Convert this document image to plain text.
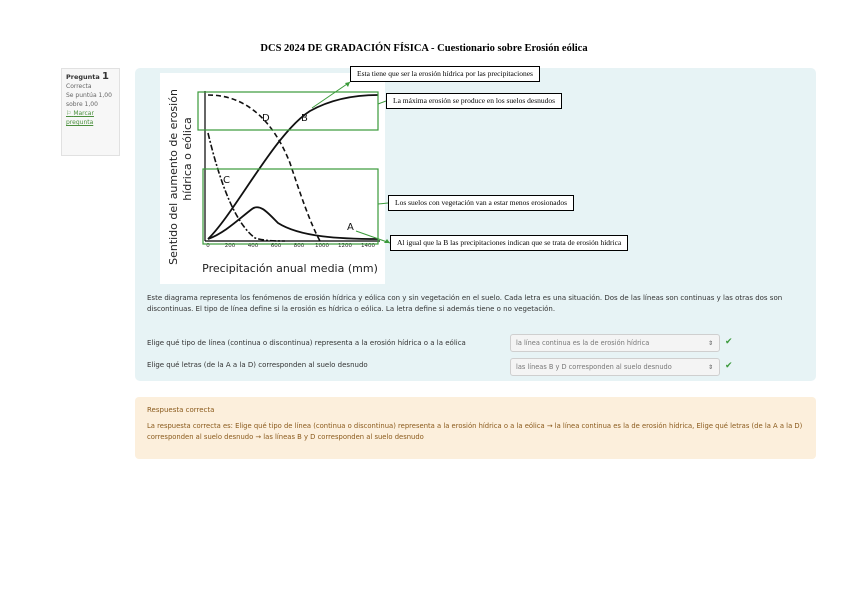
DCS 2024 DE GRADACIÓN FÍSICA - Cuestionario sobre Erosión eólica
Pregunta 1
Correcta
Se puntúa 1,00 sobre 1,00
⚐ Marcar pregunta	Sentido del aumento de erosión hídrica o eólica
0	200 400 600 800 1000 1200 1400
D	B
C
A
Precipitación anual media (mm)
Esta tiene que ser la erosión hídrica por las precipitaciones
La máxima erosión se produce en los suelos desnudos
Los suelos con vegetación van a estar menos erosionados
Al igual que la B las precipitaciones indican que se trata de erosión hídrica
Este diagrama representa los fenómenos de erosión hídrica y eólica con y sin vegetación en el suelo. Cada letra es una situación. Dos de las líneas son continuas y las otras dos son discontinuas. El tipo de línea define si la erosión es hídrica o eólica. La letra define si además tiene o no vegetación.
Elige qué tipo de línea (continua o discontinua) representa a la erosión hídrica o a la eólica	la línea continua es la de erosión hídrica	⇕ ✔
Elige qué letras (de la A a la D) corresponden al suelo desnudo	las líneas B y D corresponden al suelo desnudo	⇕ ✔
Respuesta correcta
La respuesta correcta es: Elige qué tipo de línea (continua o discontinua) representa a la erosión hídrica o a la eólica → la línea continua es la de erosión hídrica, Elige qué letras (de la A a la D) corresponden al suelo desnudo → las líneas B y D corresponden al suelo desnudo
